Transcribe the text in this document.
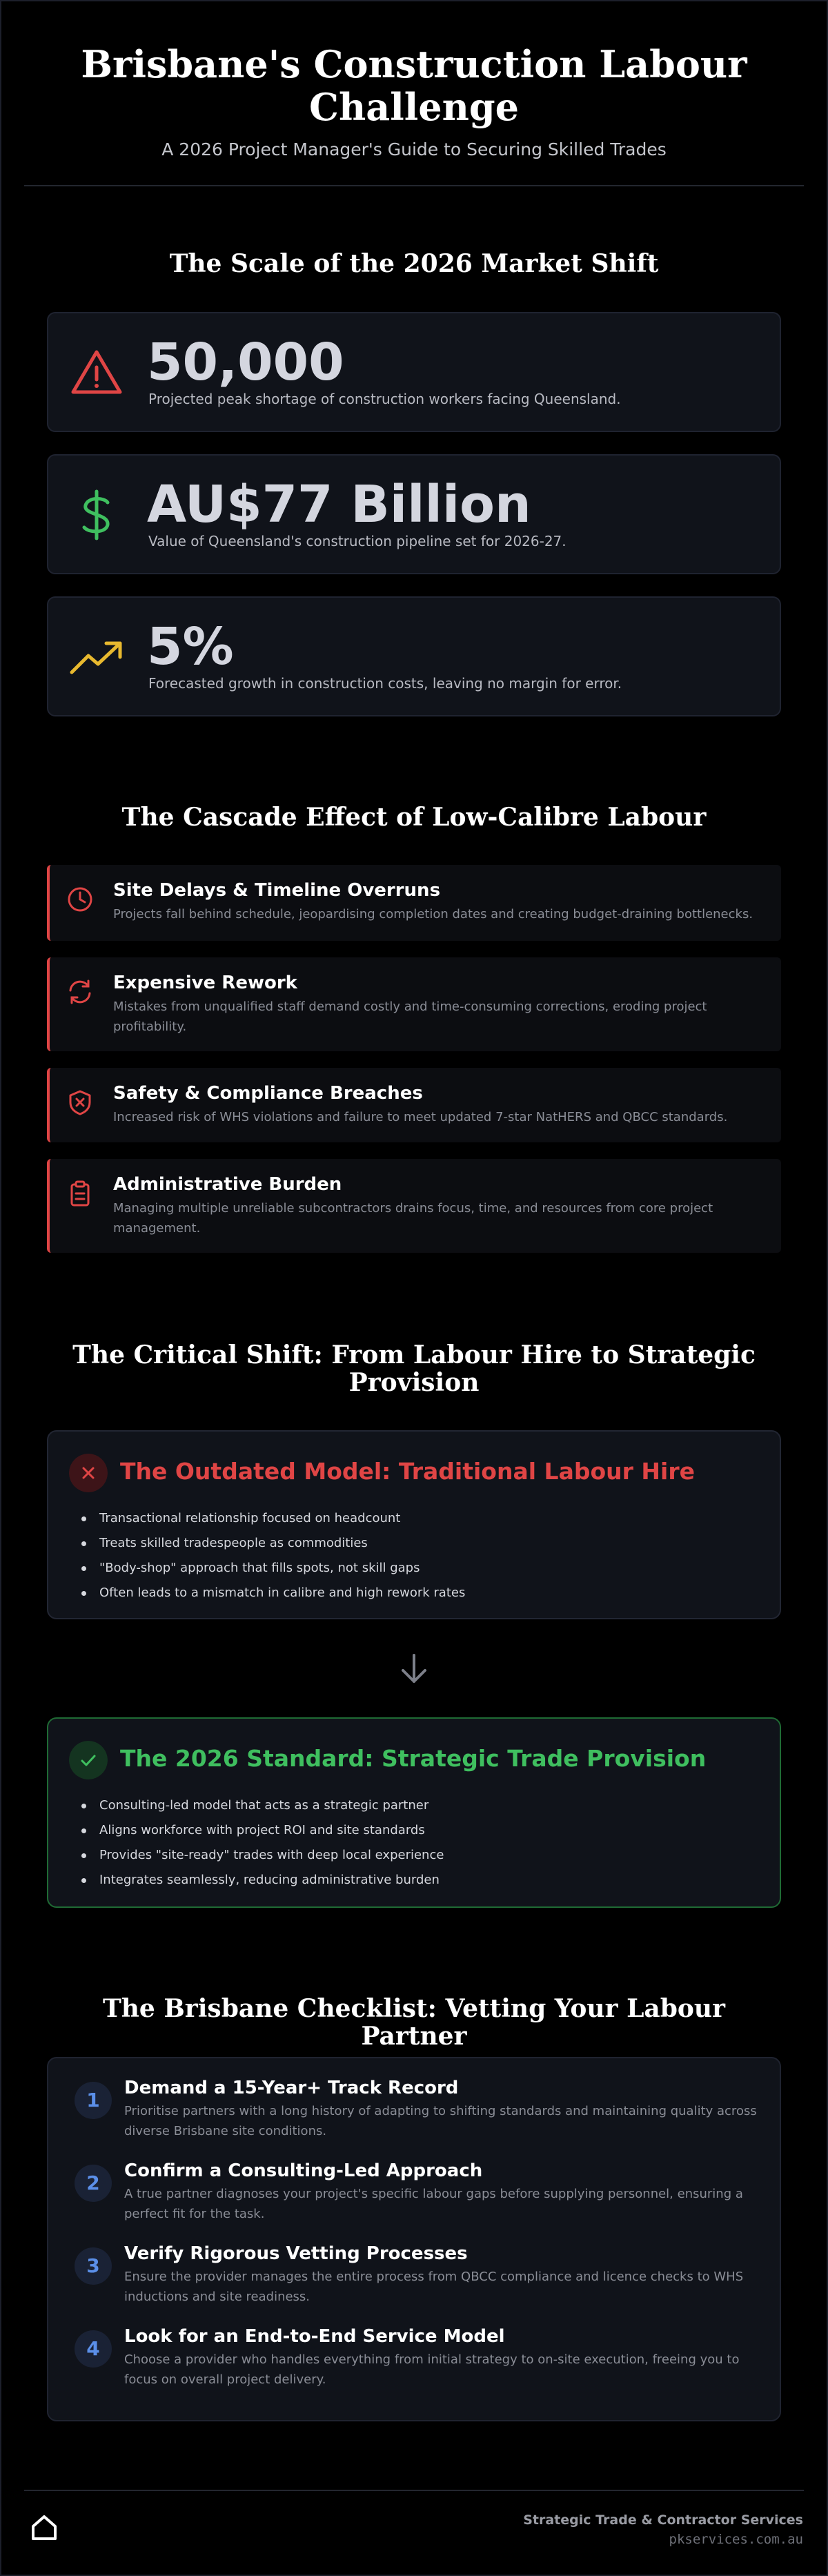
Brisbane's Construction Labour Challenge
A 2026 Project Manager's Guide to Securing Skilled Trades
The Scale of the 2026 Market Shift
50,000
Projected peak shortage of construction workers facing Queensland.
AU$77 Billion
Value of Queensland's construction pipeline set for 2026-27.
5%
Forecasted growth in construction costs, leaving no margin for error.
The Cascade Effect of Low-Calibre Labour
Site Delays & Timeline Overruns
Projects fall behind schedule, jeopardising completion dates and creating budget-draining bottlenecks.
Expensive Rework
Mistakes from unqualified staff demand costly and time-consuming corrections, eroding project profitability.
Safety & Compliance Breaches
Increased risk of WHS violations and failure to meet updated 7-star NatHERS and QBCC standards.
Administrative Burden
Managing multiple unreliable subcontractors drains focus, time, and resources from core project management.
The Critical Shift: From Labour Hire to Strategic Provision
The Outdated Model: Traditional Labour Hire
Transactional relationship focused on headcount
Treats skilled tradespeople as commodities
"Body-shop" approach that fills spots, not skill gaps
Often leads to a mismatch in calibre and high rework rates
The 2026 Standard: Strategic Trade Provision
Consulting-led model that acts as a strategic partner
Aligns workforce with project ROI and site standards
Provides "site-ready" trades with deep local experience
Integrates seamlessly, reducing administrative burden
The Brisbane Checklist: Vetting Your Labour Partner
1
Demand a 15-Year+ Track Record
Prioritise partners with a long history of adapting to shifting standards and maintaining quality across diverse Brisbane site conditions.
2
Confirm a Consulting-Led Approach
A true partner diagnoses your project's specific labour gaps before supplying personnel, ensuring a perfect fit for the task.
3
Verify Rigorous Vetting Processes
Ensure the provider manages the entire process from QBCC compliance and licence checks to WHS inductions and site readiness.
4
Look for an End-to-End Service Model
Choose a provider who handles everything from initial strategy to on-site execution, freeing you to focus on overall project delivery.
Strategic Trade & Contractor Services
pkservices.com.au
